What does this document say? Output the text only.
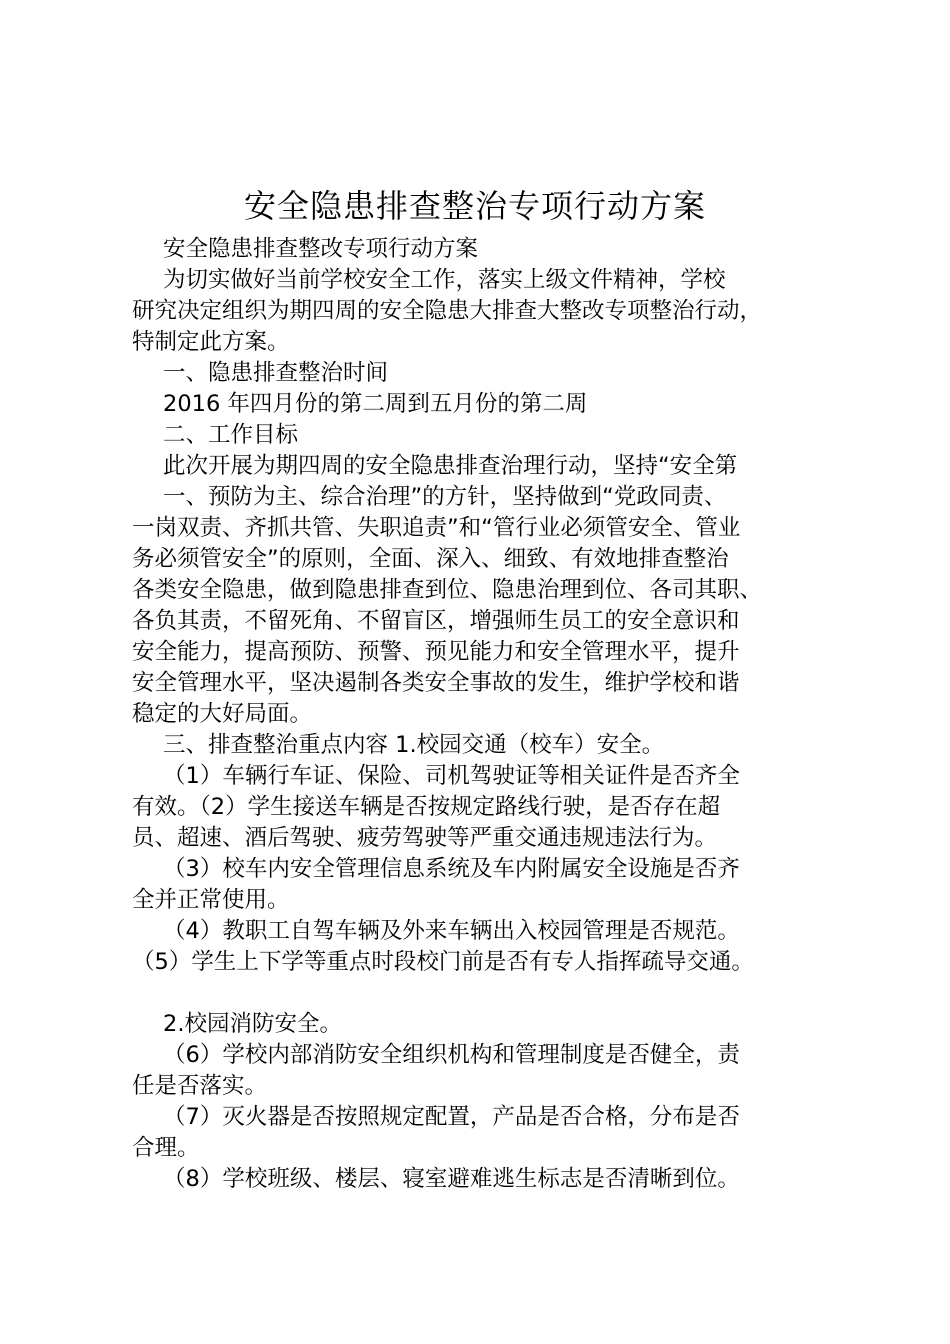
安全隐患排查整治专项行动方案
安全隐患排查整改专项行动方案
为切实做好当前学校安全工作，落实上级文件精神，学校
研究决定组织为期四周的安全隐患大排查大整改专项整治行动，
特制定此方案。
一、隐患排查整治时间
2016 年四月份的第二周到五月份的第二周
二、工作目标
此次开展为期四周的安全隐患排查治理行动，坚持“安全第
一、预防为主、综合治理”的方针，坚持做到“党政同责、
一岗双责、齐抓共管、失职追责”和“管行业必须管安全、管业
务必须管安全”的原则，全面、深入、细致、有效地排查整治
各类安全隐患，做到隐患排查到位、隐患治理到位、各司其职、
各负其责，不留死角、不留盲区，增强师生员工的安全意识和
安全能力，提高预防、预警、预见能力和安全管理水平，提升
安全管理水平，坚决遏制各类安全事故的发生，维护学校和谐
稳定的大好局面。
三、排查整治重点内容 1.校园交通（校车）安全。
（1）车辆行车证、保险、司机驾驶证等相关证件是否齐全
有效。（2）学生接送车辆是否按规定路线行驶，是否存在超
员、超速、酒后驾驶、疲劳驾驶等严重交通违规违法行为。
（3）校车内安全管理信息系统及车内附属安全设施是否齐
全并正常使用。
（4）教职工自驾车辆及外来车辆出入校园管理是否规范。
（5）学生上下学等重点时段校门前是否有专人指挥疏导交通。
2.校园消防安全。
（6）学校内部消防安全组织机构和管理制度是否健全，责
任是否落实。
（7）灭火器是否按照规定配置，产品是否合格，分布是否
合理。
（8）学校班级、楼层、寝室避难逃生标志是否清晰到位。
